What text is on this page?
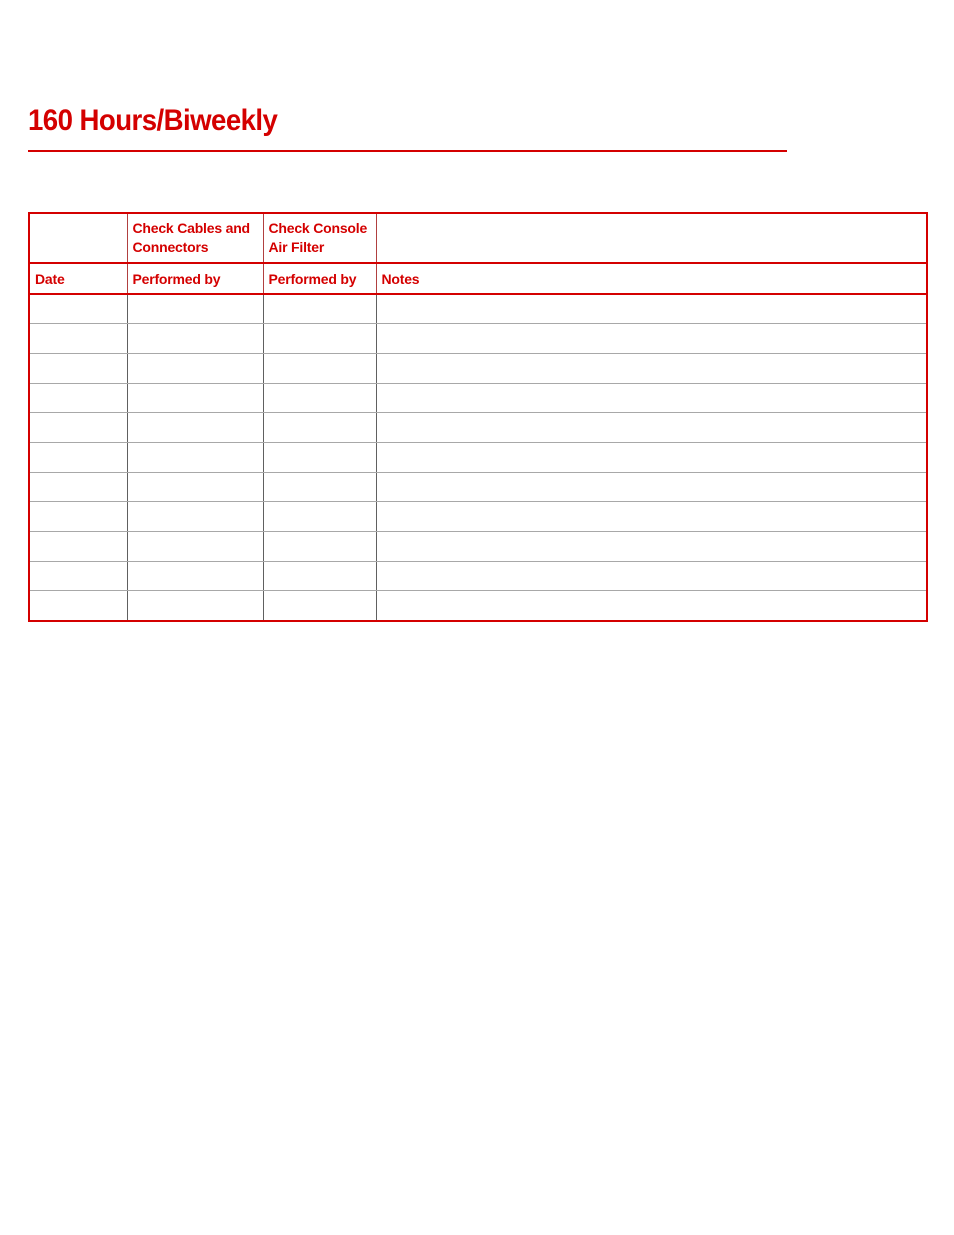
160 Hours/Biweekly
	Check Cables and Connectors	Check Console Air Filter	
Date	Performed by	Performed by	Notes
